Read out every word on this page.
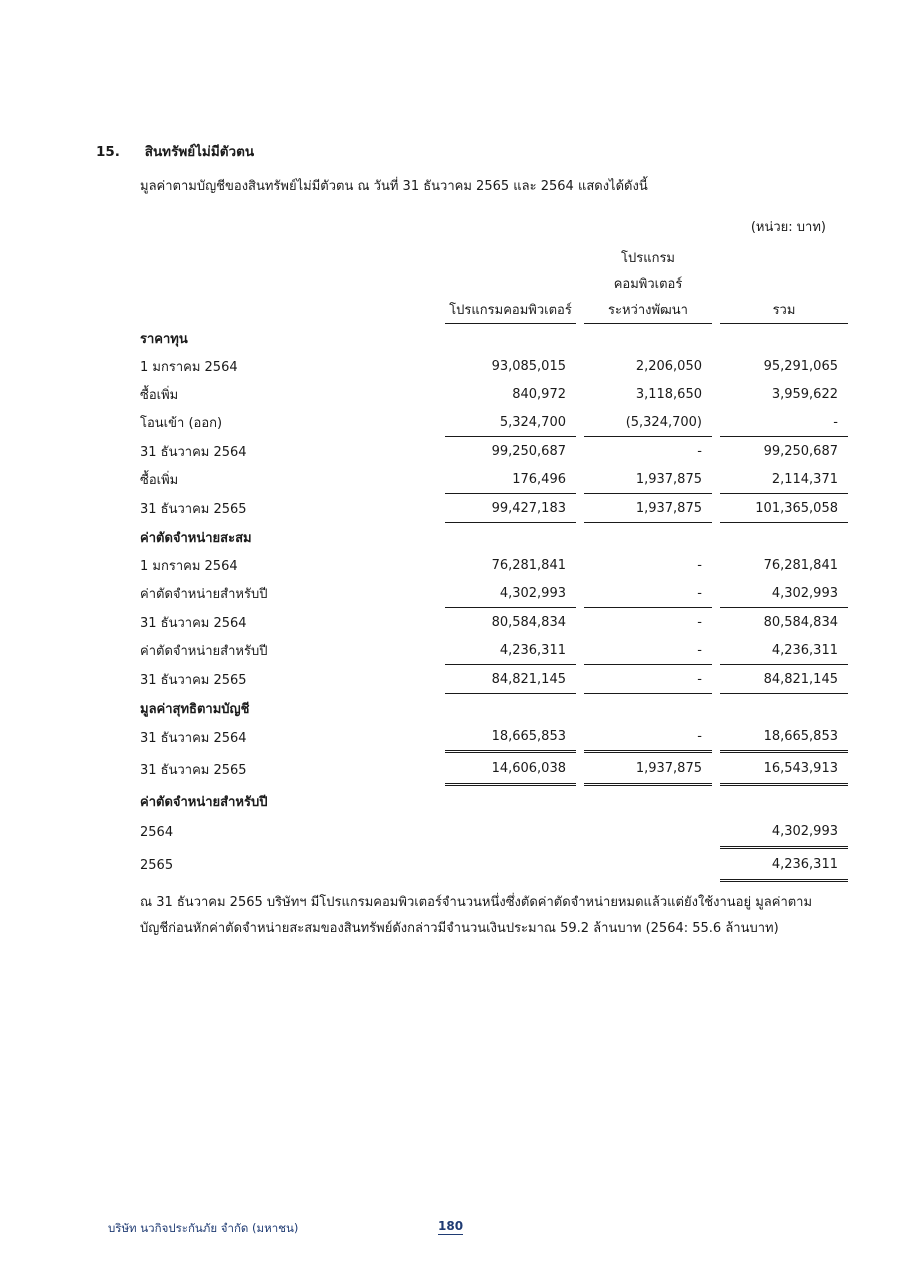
15. สินทรัพย์ไม่มีตัวตน
มูลค่าตามบัญชีของสินทรัพย์ไม่มีตัวตน ณ วันที่ 31 ธันวาคม 2565 และ 2564 แสดงได้ดังนี้
(หน่วย: บาท)
			โปรแกรม		
			คอมพิวเตอร์		
	โปรแกรมคอมพิวเตอร์		ระหว่างพัฒนา		รวม
ราคาทุน					
1 มกราคม 2564	93,085,015		2,206,050		95,291,065
ซื้อเพิ่ม	840,972		3,118,650		3,959,622
โอนเข้า (ออก)	5,324,700		(5,324,700)		-
31 ธันวาคม 2564	99,250,687		-		99,250,687
ซื้อเพิ่ม	176,496		1,937,875		2,114,371
31 ธันวาคม 2565	99,427,183		1,937,875		101,365,058
ค่าตัดจำหน่ายสะสม					
1 มกราคม 2564	76,281,841		-		76,281,841
ค่าตัดจำหน่ายสำหรับปี	4,302,993		-		4,302,993
31 ธันวาคม 2564	80,584,834		-		80,584,834
ค่าตัดจำหน่ายสำหรับปี	4,236,311		-		4,236,311
31 ธันวาคม 2565	84,821,145		-		84,821,145
มูลค่าสุทธิตามบัญชี					
31 ธันวาคม 2564	18,665,853		-		18,665,853
31 ธันวาคม 2565	14,606,038		1,937,875		16,543,913
ค่าตัดจำหน่ายสำหรับปี					
2564					4,302,993
2565					4,236,311
ณ 31 ธันวาคม 2565 บริษัทฯ มีโปรแกรมคอมพิวเตอร์จำนวนหนึ่งซึ่งตัดค่าตัดจำหน่ายหมดแล้วแต่ยังใช้งานอยู่ มูลค่าตาม
บัญชีก่อนหักค่าตัดจำหน่ายสะสมของสินทรัพย์ดังกล่าวมีจำนวนเงินประมาณ 59.2 ล้านบาท (2564: 55.6 ล้านบาท)
บริษัท นวกิจประกันภัย จำกัด (มหาชน)	180
